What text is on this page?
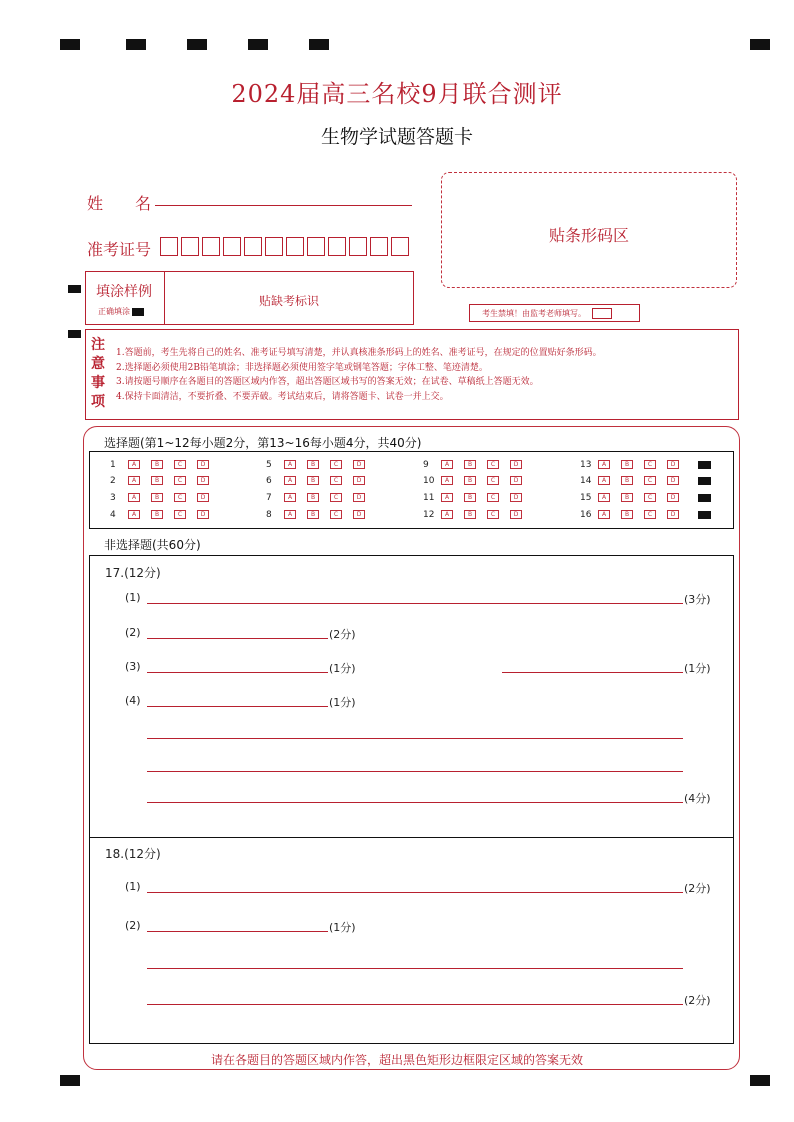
2024届高三名校9月联合测评
生物学试题答题卡
姓　　名
准考证号
贴条形码区
填涂样例
正确填涂
贴缺考标识
考生禁填！由监考老师填写。
注
意
事
项
1.答题前，考生先将自己的姓名、准考证号填写清楚，并认真核准条形码上的姓名、准考证号，在规定的位置贴好条形码。
2.选择题必须使用2B铅笔填涂；非选择题必须使用签字笔或钢笔答题；字体工整、笔迹清楚。
3.请按题号顺序在各题目的答题区域内作答，超出答题区域书写的答案无效；在试卷、草稿纸上答题无效。
4.保持卡面清洁，不要折叠、不要弄破。考试结束后，请将答题卡、试卷一并上交。
选择题(第1~12每小题2分，第13~16每小题4分，共40分)
1	A	B	C	D
2	A	B	C	D
3	A	B	C	D
4	A	B	C	D
5	A	B	C	D
6	A	B	C	D
7	A	B	C	D
8	A	B	C	D
9	A	B	C	D
10	A	B	C	D
11	A	B	C	D
12	A	B	C	D
13	A	B	C	D
14	A	B	C	D
15	A	B	C	D
16	A	B	C	D
非选择题(共60分)
17.(12分)
(1)	(3分)
(2)	(2分)
(3)	(1分)	(1分)
(4)	(1分)
(4分)
18.(12分)
(1)	(2分)
(2)	(1分)
(2分)
请在各题目的答题区域内作答，超出黑色矩形边框限定区域的答案无效
